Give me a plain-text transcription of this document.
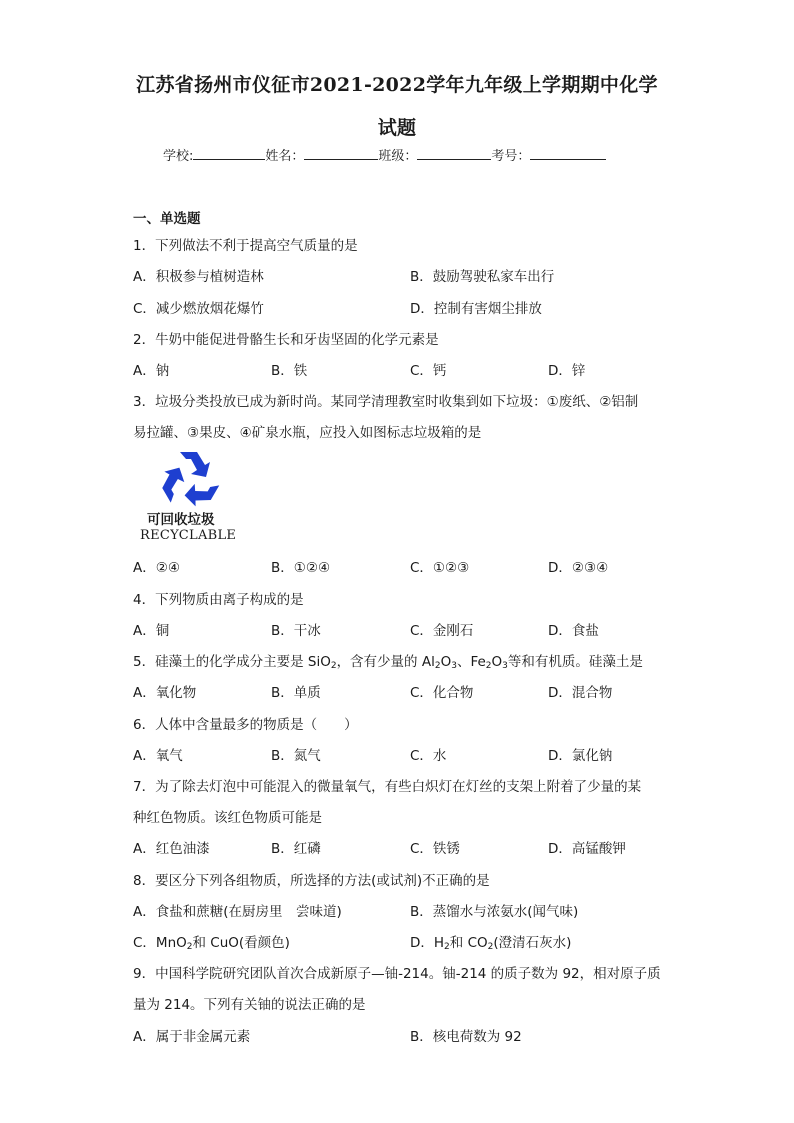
江苏省扬州市仪征市2021-2022学年九年级上学期期中化学
试题
学校:	姓名：	班级：	考号：
一、单选题
1．下列做法不利于提高空气质量的是
A．积极参与植树造林	B．鼓励驾驶私家车出行
C．减少燃放烟花爆竹	D．控制有害烟尘排放
2．牛奶中能促进骨骼生长和牙齿坚固的化学元素是
A．钠	B．铁	C．钙	D．锌
3．垃圾分类投放已成为新时尚。某同学清理教室时收集到如下垃圾：①废纸、②铝制
易拉罐、③果皮、④矿泉水瓶，应投入如图标志垃圾箱的是
可回收垃圾
RECYCLABLE
A．②④	B．①②④	C．①②③	D．②③④
4．下列物质由离子构成的是
A．铜	B．干冰	C．金刚石	D．食盐
5．硅藻土的化学成分主要是 SiO$_2$，含有少量的 $Al_2O_3$、$Fe_2O_3$等和有机质。硅藻土是
A．氧化物	B．单质	C．化合物	D．混合物
6．人体中含量最多的物质是（　　）
A．氧气	B．氮气	C．水	D．氯化钠
7．为了除去灯泡中可能混入的微量氧气，有些白炽灯在灯丝的支架上附着了少量的某
种红色物质。该红色物质可能是
A．红色油漆	B．红磷	C．铁锈	D．高锰酸钾
8．要区分下列各组物质，所选择的方法(或试剂)不正确的是
A．食盐和蔗糖(在厨房里　尝味道)	B．蒸馏水与浓氨水(闻气味)
C．MnO$_2$和 CuO(看颜色)	D．$H_2$和 $CO_2$(澄清石灰水)
9．中国科学院研究团队首次合成新原子—铀-214。铀-214 的质子数为 92，相对原子质
量为 214。下列有关铀的说法正确的是
A．属于非金属元素	B．核电荷数为 92
